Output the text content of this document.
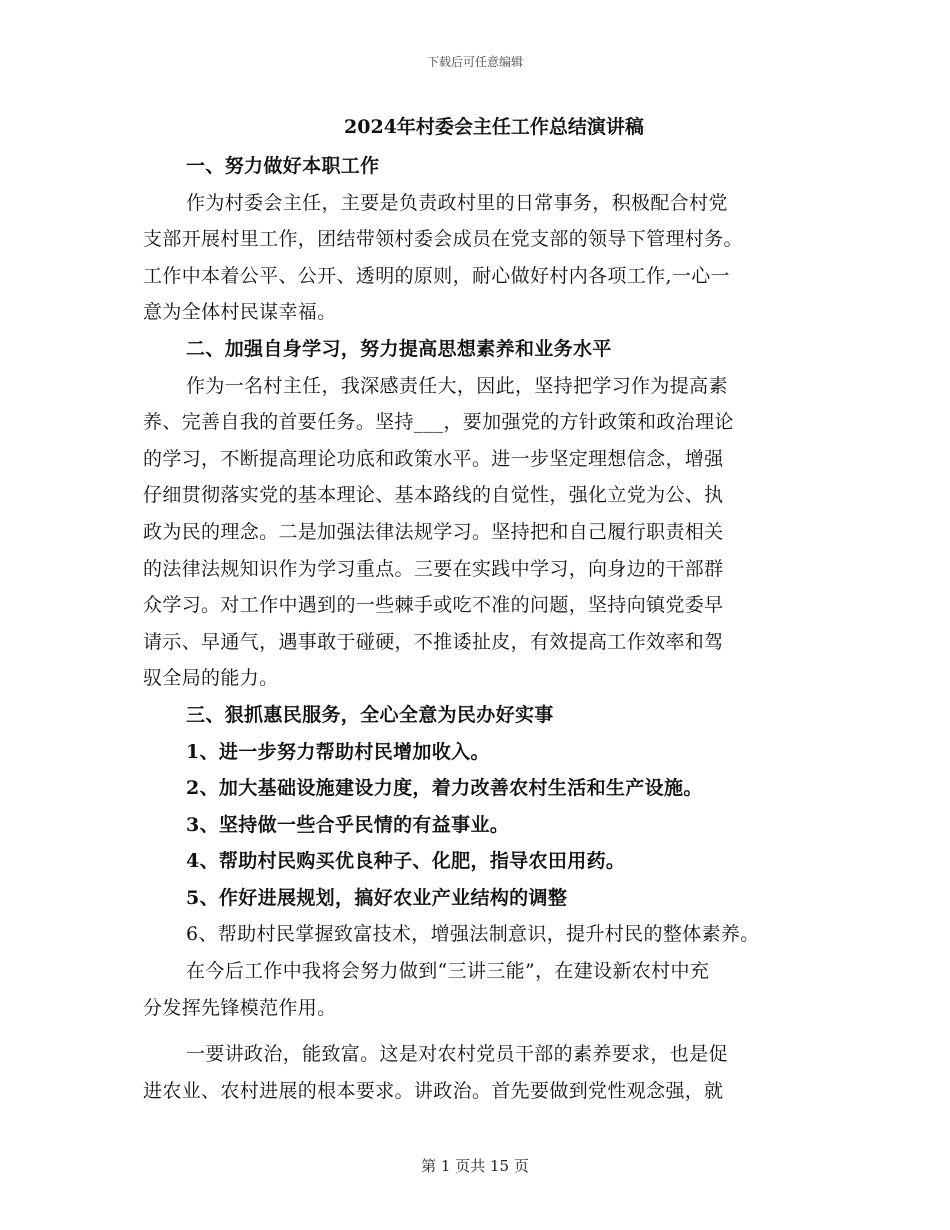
下载后可任意编辑
2024年村委会主任工作总结演讲稿
一、努力做好本职工作
作为村委会主任，主要是负责政村里的日常事务，积极配合村党
支部开展村里工作，团结带领村委会成员在党支部的领导下管理村务。
工作中本着公平、公开、透明的原则，耐心做好村内各项工作,一心一
意为全体村民谋幸福。
二、加强自身学习，努力提高思想素养和业务水平
作为一名村主任，我深感责任大，因此，坚持把学习作为提高素
养、完善自我的首要任务。坚持___，要加强党的方针政策和政治理论
的学习，不断提高理论功底和政策水平。进一步坚定理想信念，增强
仔细贯彻落实党的基本理论、基本路线的自觉性，强化立党为公、执
政为民的理念。二是加强法律法规学习。坚持把和自己履行职责相关
的法律法规知识作为学习重点。三要在实践中学习，向身边的干部群
众学习。对工作中遇到的一些棘手或吃不准的问题，坚持向镇党委早
请示、早通气，遇事敢于碰硬，不推诿扯皮，有效提高工作效率和驾
驭全局的能力。
三、狠抓惠民服务，全心全意为民办好实事
1、进一步努力帮助村民增加收入。
2、加大基础设施建设力度，着力改善农村生活和生产设施。
3、坚持做一些合乎民情的有益事业。
4、帮助村民购买优良种子、化肥，指导农田用药。
5、作好进展规划，搞好农业产业结构的调整
6、帮助村民掌握致富技术，增强法制意识，提升村民的整体素养。
在今后工作中我将会努力做到“三讲三能”，在建设新农村中充
分发挥先锋模范作用。
一要讲政治，能致富。这是对农村党员干部的素养要求，也是促
进农业、农村进展的根本要求。讲政治。首先要做到党性观念强，就
第 1 页共 15 页
